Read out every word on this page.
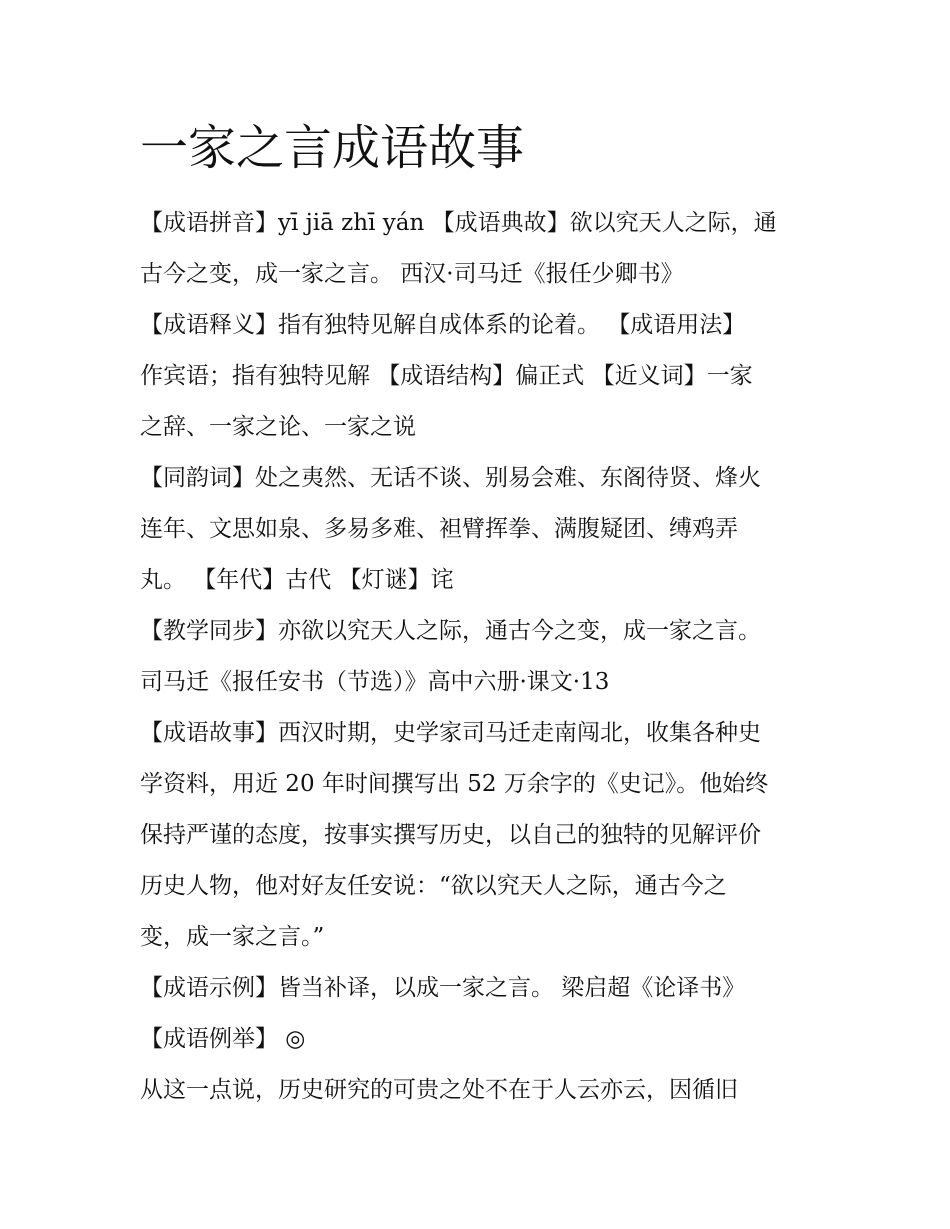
一家之言成语故事
【成语拼音】yī jiā zhī yán 【成语典故】欲以究天人之际，通
古今之变，成一家之言。 西汉·司马迁《报任少卿书》
【成语释义】指有独特见解自成体系的论着。 【成语用法】
作宾语；指有独特见解 【成语结构】偏正式 【近义词】一家
之辞、一家之论、一家之说
【同韵词】处之夷然、无话不谈、别易会难、东阁待贤、烽火
连年、文思如泉、多易多难、袒臂挥拳、满腹疑团、缚鸡弄
丸。 【年代】古代 【灯谜】诧
【教学同步】亦欲以究天人之际，通古今之变，成一家之言。
司马迁《报任安书（节选）》高中六册·课文·13
【成语故事】西汉时期，史学家司马迁走南闯北，收集各种史
学资料，用近 20 年时间撰写出 52 万余字的《史记》。他始终
保持严谨的态度，按事实撰写历史，以自己的独特的见解评价
历史人物，他对好友任安说：“欲以究天人之际，通古今之
变，成一家之言。”
【成语示例】皆当补译，以成一家之言。 梁启超《论译书》
【成语例举】 ◎
从这一点说，历史研究的可贵之处不在于人云亦云，因循旧
